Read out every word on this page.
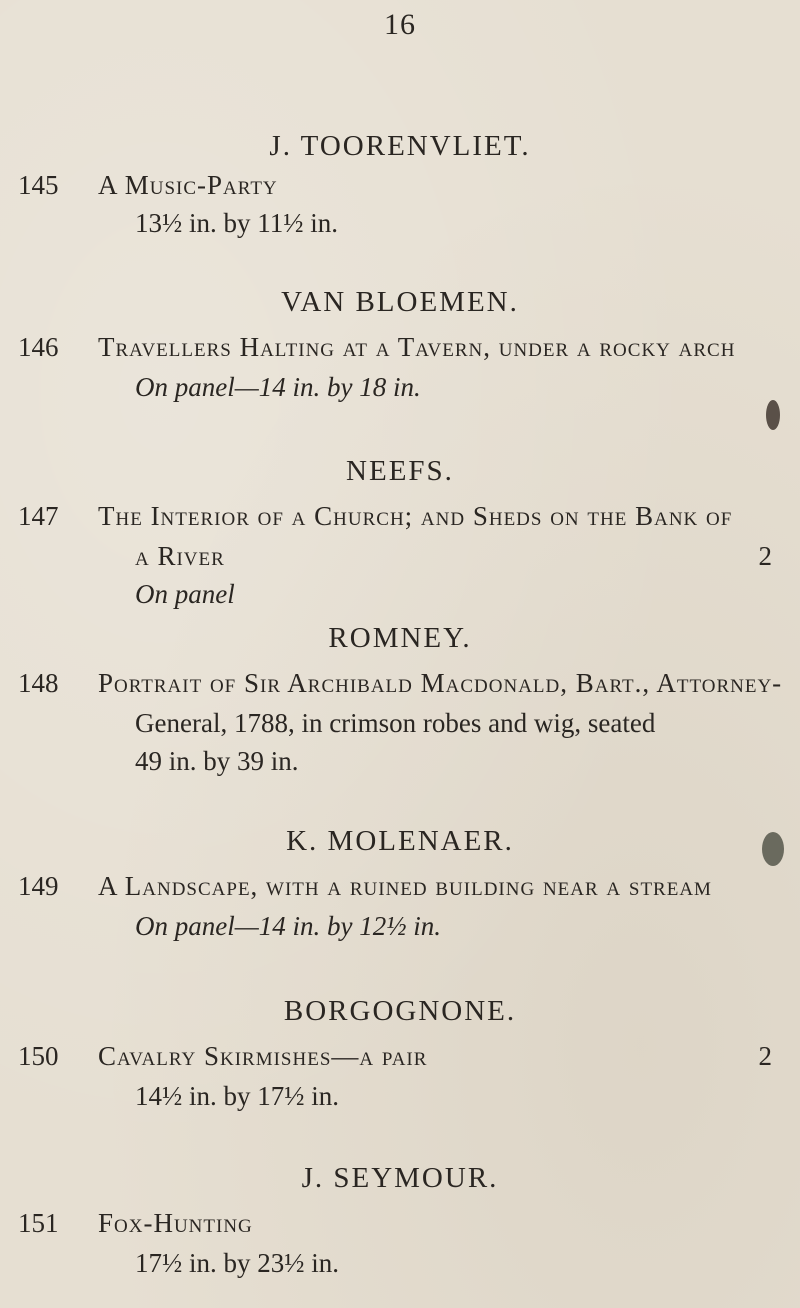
16
J. TOORENVLIET.
145 A Music-Party
13½ in. by 11½ in.
VAN BLOEMEN.
146 Travellers Halting at a Tavern, under a rocky arch
On panel—14 in. by 18 in.
NEEFS.
147 The Interior of a Church; and Sheds on the Bank of
a River	2
On panel
ROMNEY.
148 Portrait of Sir Archibald Macdonald, Bart., Attorney-
General, 1788, in crimson robes and wig, seated
49 in. by 39 in.
K. MOLENAER.
149 A Landscape, with a ruined building near a stream
On panel—14 in. by 12½ in.
BORGOGNONE.
150 Cavalry Skirmishes—a pair	2
14½ in. by 17½ in.
J. SEYMOUR.
151 Fox-Hunting
17½ in. by 23½ in.
